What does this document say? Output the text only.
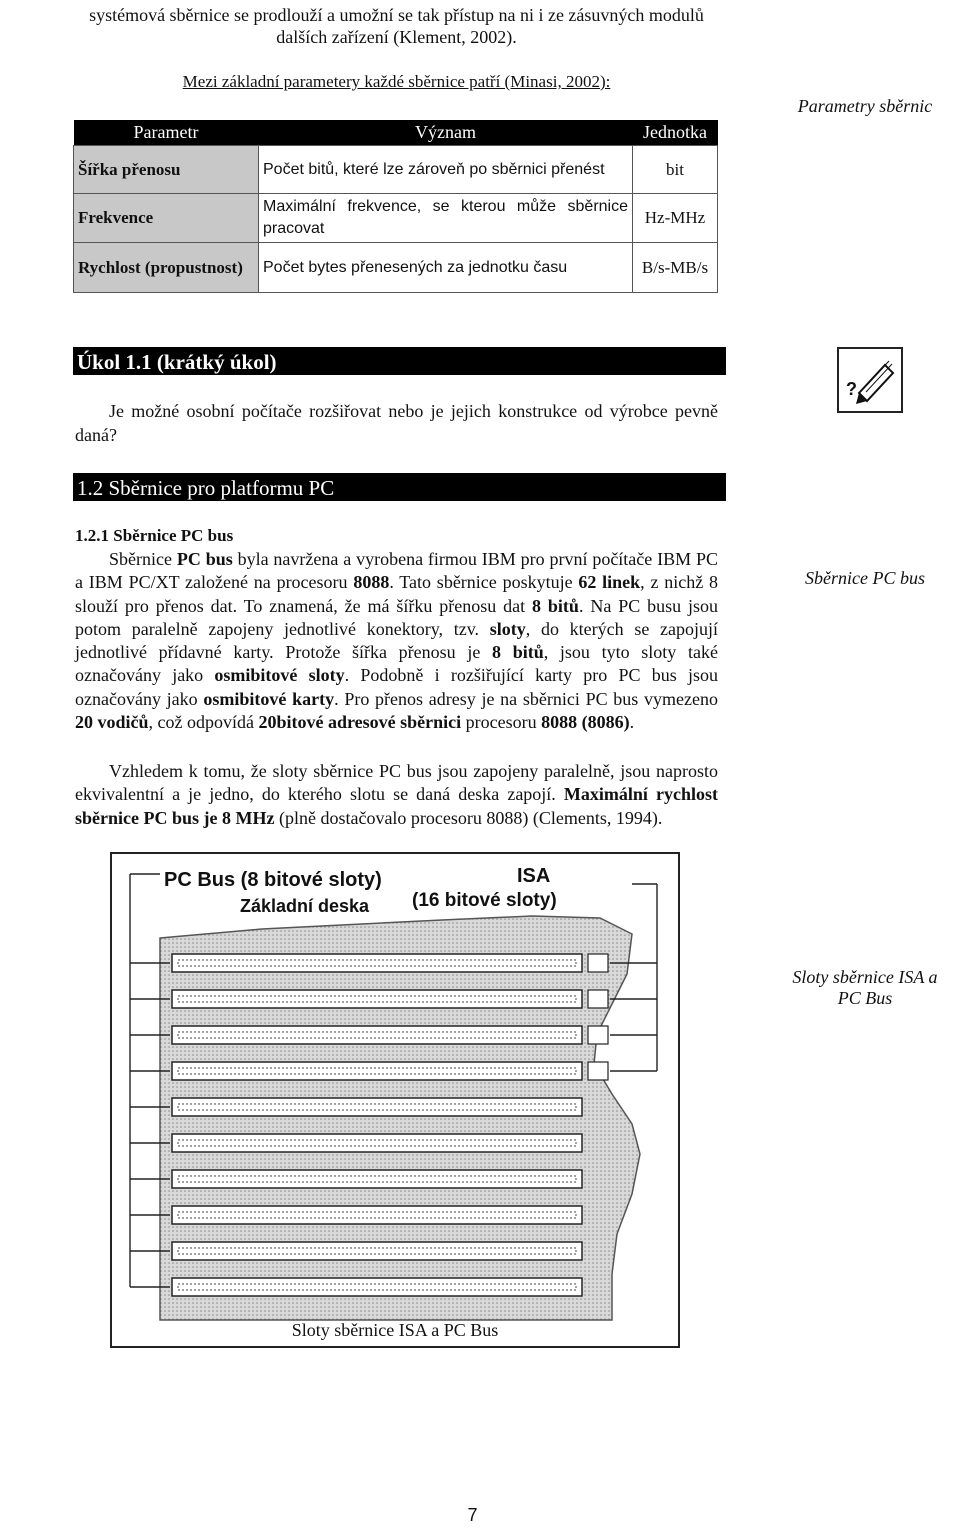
systémová sběrnice se prodlouží a umožní se tak přístup na ni i ze zásuvných modulů dalších zařízení (Klement, 2002).
Mezi základní parametery každé sběrnice patří (Minasi, 2002):
Parametr	Význam	Jednotka
Šířka přenosu	Počet bitů, které lze zároveň po sběrnici přenést	bit
Frekvence	Maximální frekvence, se kterou může sběrnice pracovat	Hz-MHz
Rychlost (propustnost)	Počet bytes přenesených za jednotku času	B/s-MB/s
Parametry sběrnic
Úkol 1.1 (krátký úkol)
?
Je možné osobní počítače rozšiřovat nebo je jejich konstrukce od výrobce pevně daná?
1.2 Sběrnice pro platformu PC
1.2.1 Sběrnice PC bus
Sběrnice PC bus byla navržena a vyrobena firmou IBM pro první počítače IBM PC a IBM PC/XT založené na procesoru 8088. Tato sběrnice poskytuje 62 linek, z nichž 8 slouží pro přenos dat. To znamená, že má šířku přenosu dat 8 bitů. Na PC busu jsou potom paralelně zapojeny jednotlivé konektory, tzv. sloty, do kterých se zapojují jednotlivé přídavné karty. Protože šířka přenosu je 8 bitů, jsou tyto sloty také označovány jako osmibitové sloty. Podobně i rozšiřující karty pro PC bus jsou označovány jako osmibitové karty. Pro přenos adresy je na sběrnici PC bus vymezeno 20 vodičů, což odpovídá 20bitové adresové sběrnici procesoru 8088 (8086).
Vzhledem k tomu, že sloty sběrnice PC bus jsou zapojeny paralelně, jsou naprosto ekvivalentní a je jedno, do kterého slotu se daná deska zapojí. Maximální rychlost sběrnice PC bus je 8 MHz (plně dostačovalo procesoru 8088) (Clements, 1994).
Sběrnice PC bus
Sloty sběrnice ISA a PC Bus
PC Bus (8 bitové sloty)
Základní deska
ISA
(16 bitové sloty)
Sloty sběrnice ISA a PC Bus
7
